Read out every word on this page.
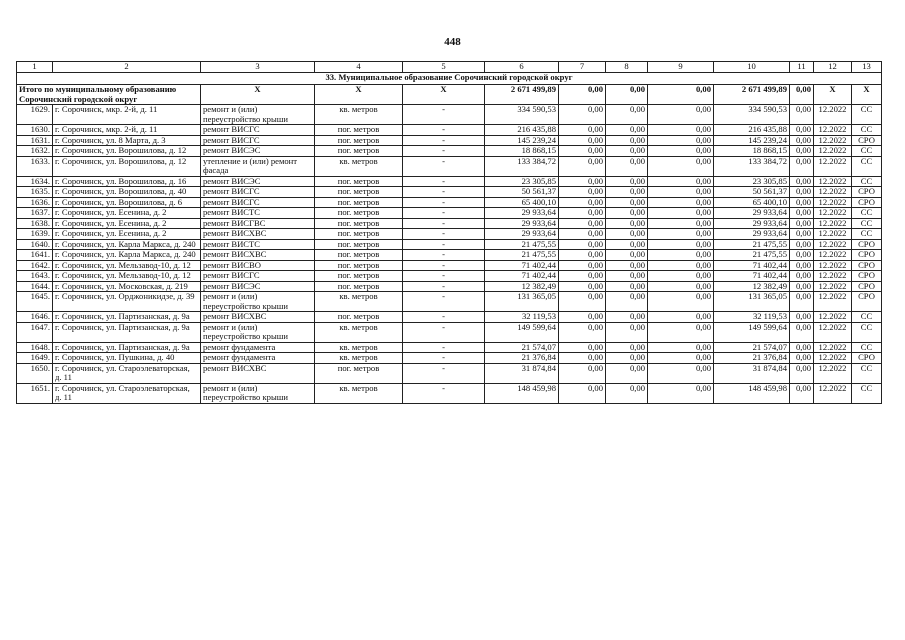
448
1	2	3	4	5	6	7	8	9	10	11	12	13	
33. Муниципальное образование Сорочинский городской округ													
Итого по муниципальному образованию Сорочинский городской округ		X	X	X	2 671 499,89	0,00	0,00	0,00	2 671 499,89	0,00	X	X	
1629.	г. Сорочинск, мкр. 2-й, д. 11	ремонт и (или) переустройство крыши	кв. метров	-	334 590,53	0,00	0,00	0,00	334 590,53	0,00	12.2022	СС	
1630.	г. Сорочинск, мкр. 2-й, д. 11	ремонт ВИСГС	пог. метров	-	216 435,88	0,00	0,00	0,00	216 435,88	0,00	12.2022	СС	
1631.	г. Сорочинск, ул. 8 Марта, д. 3	ремонт ВИСГС	пог. метров	-	145 239,24	0,00	0,00	0,00	145 239,24	0,00	12.2022	СРО	
1632.	г. Сорочинск, ул. Ворошилова, д. 12	ремонт ВИСЭС	пог. метров	-	18 868,15	0,00	0,00	0,00	18 868,15	0,00	12.2022	СС	
1633.	г. Сорочинск, ул. Ворошилова, д. 12	утепление и (или) ремонт фасада	кв. метров	-	133 384,72	0,00	0,00	0,00	133 384,72	0,00	12.2022	СС	
1634.	г. Сорочинск, ул. Ворошилова, д. 16	ремонт ВИСЭС	пог. метров	-	23 305,85	0,00	0,00	0,00	23 305,85	0,00	12.2022	СС	
1635.	г. Сорочинск, ул. Ворошилова, д. 40	ремонт ВИСГС	пог. метров	-	50 561,37	0,00	0,00	0,00	50 561,37	0,00	12.2022	СРО	
1636.	г. Сорочинск, ул. Ворошилова, д. 6	ремонт ВИСГС	пог. метров	-	65 400,10	0,00	0,00	0,00	65 400,10	0,00	12.2022	СРО	
1637.	г. Сорочинск, ул. Есенина, д. 2	ремонт ВИСТС	пог. метров	-	29 933,64	0,00	0,00	0,00	29 933,64	0,00	12.2022	СС	
1638.	г. Сорочинск, ул. Есенина, д. 2	ремонт ВИСГВС	пог. метров	-	29 933,64	0,00	0,00	0,00	29 933,64	0,00	12.2022	СС	
1639.	г. Сорочинск, ул. Есенина, д. 2	ремонт ВИСХВС	пог. метров	-	29 933,64	0,00	0,00	0,00	29 933,64	0,00	12.2022	СС	
1640.	г. Сорочинск, ул. Карла Маркса, д. 240	ремонт ВИСТС	пог. метров	-	21 475,55	0,00	0,00	0,00	21 475,55	0,00	12.2022	СРО	
1641.	г. Сорочинск, ул. Карла Маркса, д. 240	ремонт ВИСХВС	пог. метров	-	21 475,55	0,00	0,00	0,00	21 475,55	0,00	12.2022	СРО	
1642.	г. Сорочинск, ул. Мельзавод-10, д. 12	ремонт ВИСВО	пог. метров	-	71 402,44	0,00	0,00	0,00	71 402,44	0,00	12.2022	СРО	
1643.	г. Сорочинск, ул. Мельзавод-10, д. 12	ремонт ВИСГС	пог. метров	-	71 402,44	0,00	0,00	0,00	71 402,44	0,00	12.2022	СРО	
1644.	г. Сорочинск, ул. Московская, д. 219	ремонт ВИСЭС	пог. метров	-	12 382,49	0,00	0,00	0,00	12 382,49	0,00	12.2022	СРО	
1645.	г. Сорочинск, ул. Орджоникидзе, д. 39	ремонт и (или) переустройство крыши	кв. метров	-	131 365,05	0,00	0,00	0,00	131 365,05	0,00	12.2022	СРО	
1646.	г. Сорочинск, ул. Партизанская, д. 9а	ремонт ВИСХВС	пог. метров	-	32 119,53	0,00	0,00	0,00	32 119,53	0,00	12.2022	СС	
1647.	г. Сорочинск, ул. Партизанская, д. 9а	ремонт и (или) переустройство крыши	кв. метров	-	149 599,64	0,00	0,00	0,00	149 599,64	0,00	12.2022	СС	
1648.	г. Сорочинск, ул. Партизанская, д. 9а	ремонт фундамента	кв. метров	-	21 574,07	0,00	0,00	0,00	21 574,07	0,00	12.2022	СС	
1649.	г. Сорочинск, ул. Пушкина, д. 40	ремонт фундамента	кв. метров	-	21 376,84	0,00	0,00	0,00	21 376,84	0,00	12.2022	СРО	
1650.	г. Сорочинск, ул. Староэлеваторская, д. 11	ремонт ВИСХВС	пог. метров	-	31 874,84	0,00	0,00	0,00	31 874,84	0,00	12.2022	СС	
1651.	г. Сорочинск, ул. Староэлеваторская, д. 11	ремонт и (или) переустройство крыши	кв. метров	-	148 459,98	0,00	0,00	0,00	148 459,98	0,00	12.2022	СС	
